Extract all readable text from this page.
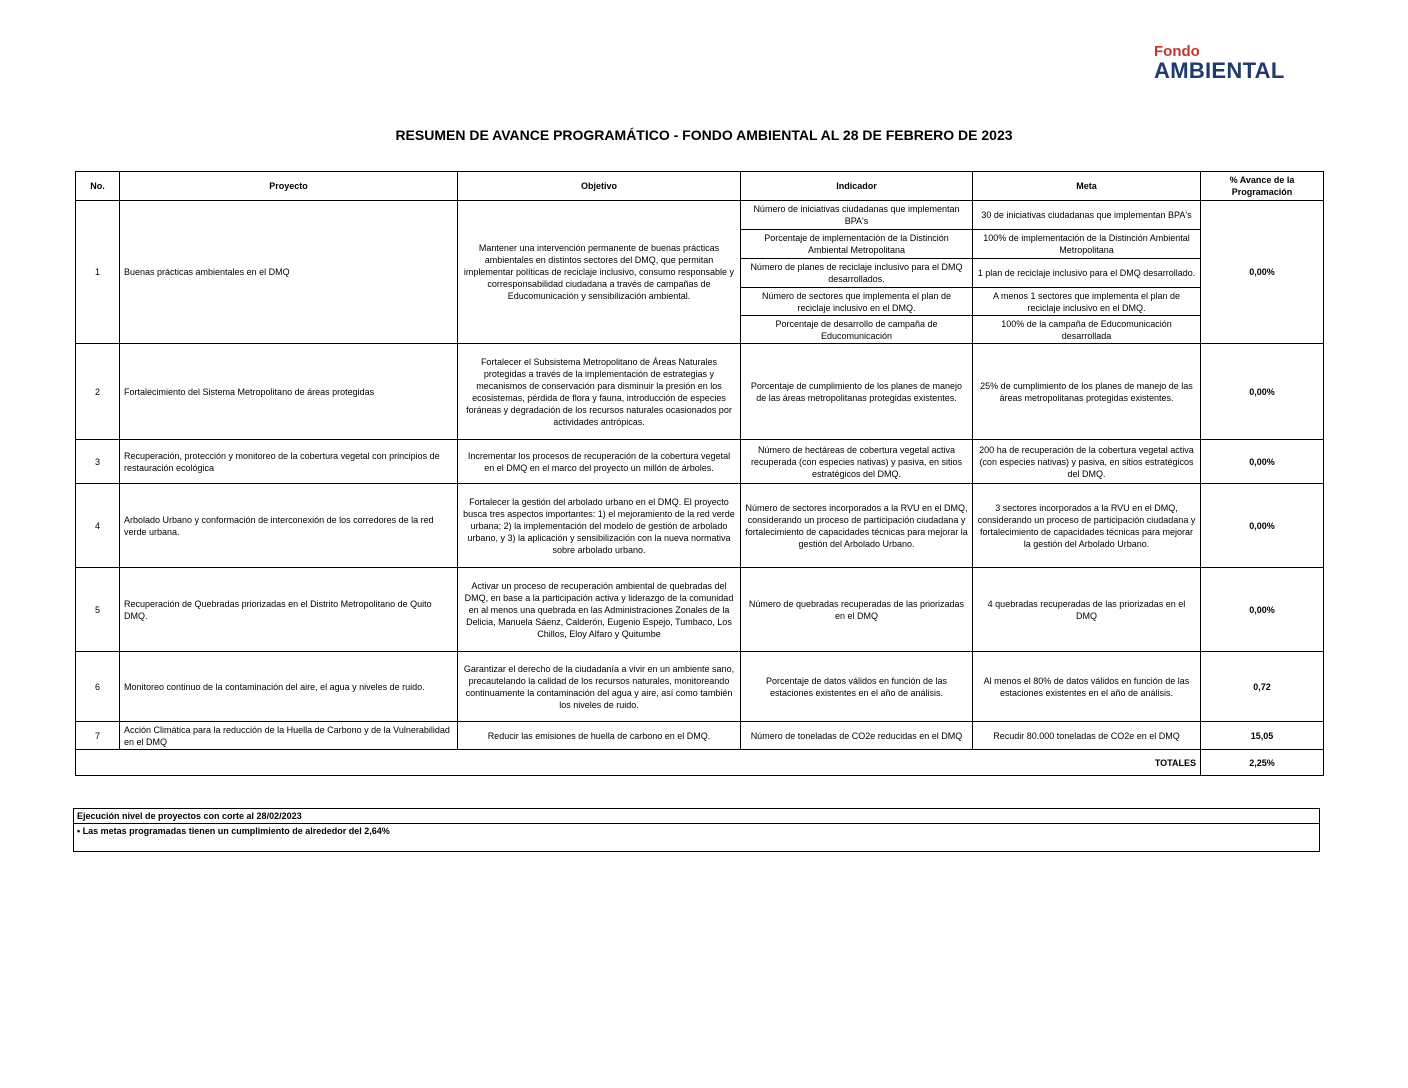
Fondo
AMBIENTAL
RESUMEN DE AVANCE PROGRAMÁTICO - FONDO AMBIENTAL AL 28 DE FEBRERO DE 2023
No.	Proyecto	Objetivo	Indicador	Meta	% Avance de la Programación
1	Buenas prácticas ambientales en el DMQ	Mantener una intervención permanente de buenas prácticas ambientales en distintos sectores del DMQ, que permitan implementar políticas de reciclaje inclusivo, consumo responsable y corresponsabilidad ciudadana a través de campañas de Educomunicación y sensibilización ambiental.	Número de iniciativas ciudadanas que implementan BPA's	30 de iniciativas ciudadanas que implementan BPA's	0,00%
			Porcentaje de implementación de la Distinción Ambiental Metropolitana	100% de implementación de la Distinción Ambiental Metropolitana	
			Número de planes de reciclaje inclusivo para el DMQ desarrollados.	1 plan de reciclaje inclusivo para el DMQ desarrollado.	
			Número de sectores que implementa el plan de reciclaje inclusivo en el DMQ.	A menos 1 sectores que implementa el plan de reciclaje inclusivo en el DMQ.	
			Porcentaje de desarrollo de campaña de Educomunicación	100% de la campaña de Educomunicación desarrollada	
2	Fortalecimiento del Sistema Metropolitano de áreas protegidas	Fortalecer el Subsistema Metropolitano de Áreas Naturales protegidas a través de la implementación de estrategias y mecanismos de conservación para disminuir la presión en los ecosistemas, pérdida de flora y fauna, introducción de especies foráneas y degradación de los recursos naturales ocasionados por actividades antrópicas.	Porcentaje de cumplimiento de los planes de manejo de las áreas metropolitanas protegidas existentes.	25% de cumplimiento de los planes de manejo de las áreas metropolitanas protegidas existentes.	0,00%
3	Recuperación, protección y monitoreo de la cobertura vegetal con principios de restauración ecológica	Incrementar los procesos de recuperación de la cobertura vegetal en el DMQ en el marco del proyecto un millón de árboles.	Número de hectáreas de cobertura vegetal activa recuperada (con especies nativas) y pasiva, en sitios estratégicos del DMQ.	200 ha de recuperación de la cobertura vegetal activa (con especies nativas) y pasiva, en sitios estratégicos del DMQ.	0,00%
4	Arbolado Urbano y conformación de interconexión de los corredores de la red verde urbana.	Fortalecer la gestión del arbolado urbano en el DMQ. El proyecto busca tres aspectos importantes: 1) el mejoramiento de la red verde urbana; 2) la implementación del modelo de gestión de arbolado urbano, y 3) la aplicación y sensibilización con la nueva normativa sobre arbolado urbano.	Número de sectores incorporados a la RVU en el DMQ, considerando un proceso de participación ciudadana y fortalecimiento de capacidades técnicas para mejorar la gestión del Arbolado Urbano.	3 sectores incorporados a la RVU en el DMQ, considerando un proceso de participación ciudadana y fortalecimiento de capacidades técnicas para mejorar la gestión del Arbolado Urbano.	0,00%
5	Recuperación de Quebradas priorizadas en el Distrito Metropolitano de Quito DMQ.	Activar un proceso de recuperación ambiental de quebradas del DMQ, en base a la participación activa y liderazgo de la comunidad en al menos una quebrada en las Administraciones Zonales de la Delicia, Manuela Sáenz, Calderón, Eugenio Espejo, Tumbaco, Los Chillos, Eloy Alfaro y Quitumbe	Número de quebradas recuperadas de las priorizadas en el DMQ	4 quebradas recuperadas de las priorizadas en el DMQ	0,00%
6	Monitoreo continuo de la contaminación del aire, el agua y niveles de ruido.	Garantizar el derecho de la ciudadanía a vivir en un ambiente sano, precautelando la calidad de los recursos naturales, monitoreando continuamente la contaminación del agua y aire, así como también los niveles de ruido.	Porcentaje de datos válidos en función de las estaciones existentes en el año de análisis.	Al menos el 80% de datos válidos en función de las estaciones existentes en el año de análisis.	0,72
7	Acción Climática para la reducción de la Huella de Carbono y de la Vulnerabilidad en el DMQ	Reducir las emisiones de huella de carbono en el DMQ.	Número de toneladas de CO2e reducidas en el DMQ	Recudir 80.000 toneladas de CO2e en el DMQ	15,05
TOTALES					2,25%
Ejecución nivel de proyectos con corte al 28/02/2023
• Las metas programadas tienen un cumplimiento de alrededor del 2,64%
